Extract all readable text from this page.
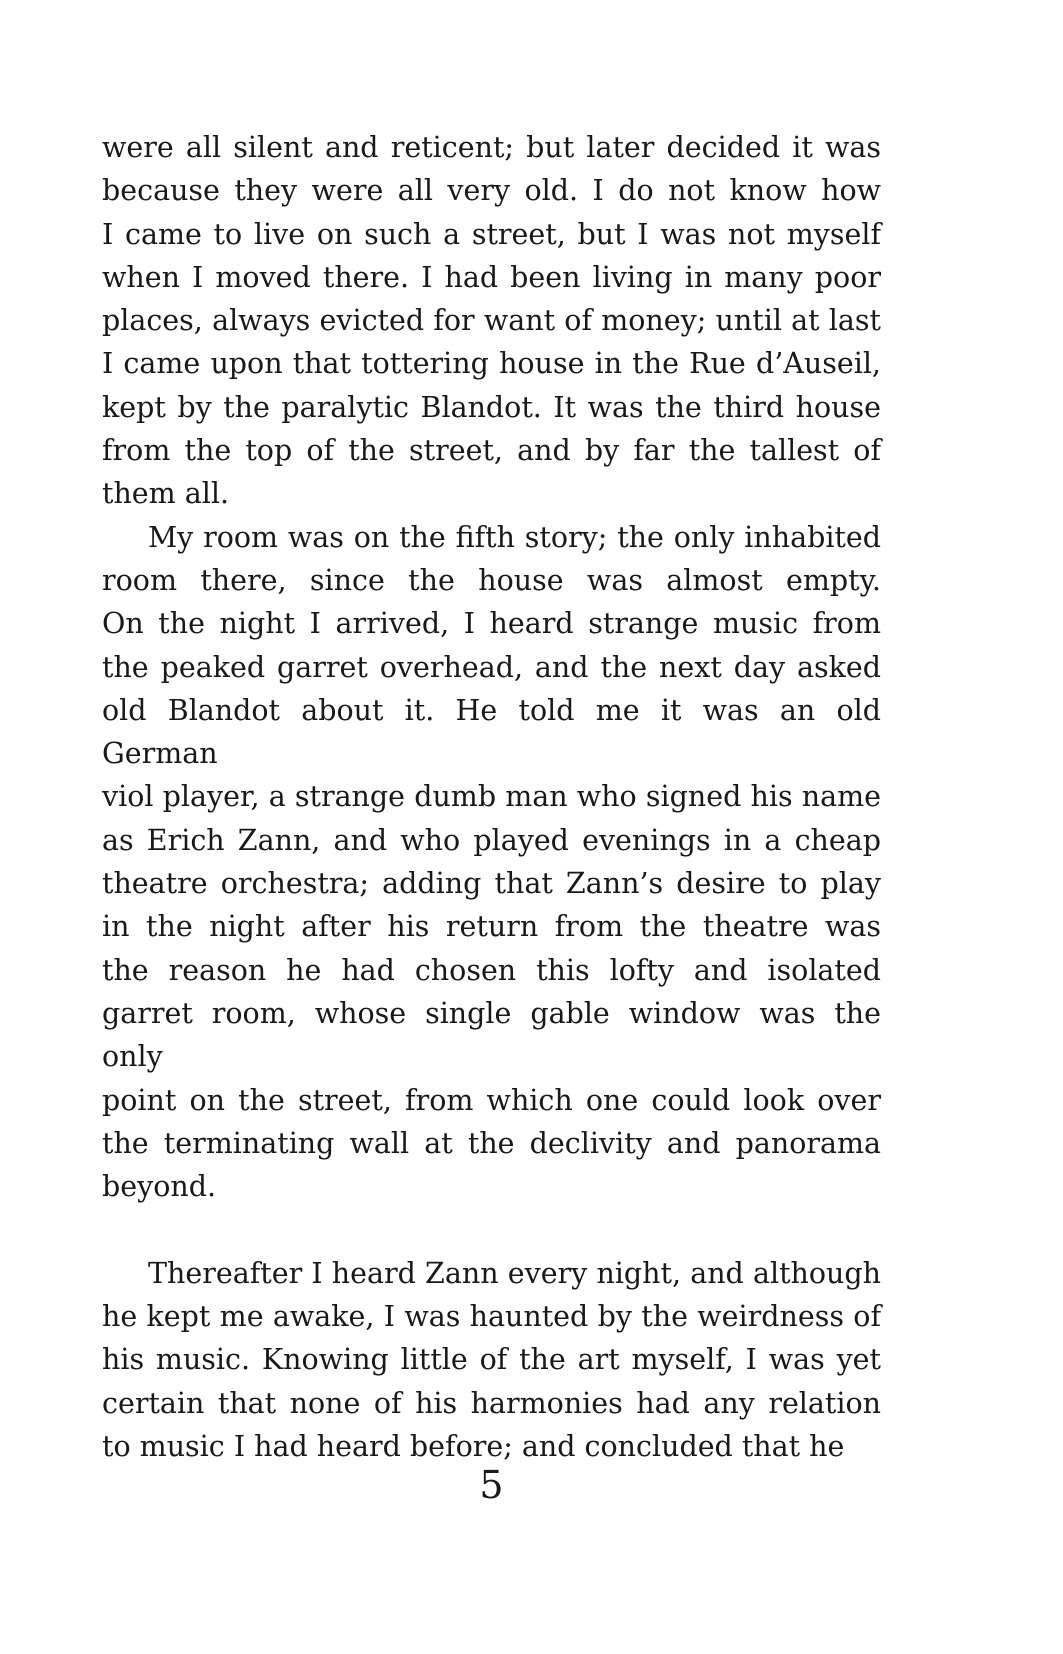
were all silent and reticent; but later decided it was
because they were all very old. I do not know how
I came to live on such a street, but I was not myself
when I moved there. I had been living in many poor
places, always evicted for want of money; until at last
I came upon that tottering house in the Rue d’Auseil,
kept by the paralytic Blandot. It was the third house
from the top of the street, and by far the tallest of
them all.
My room was on the fifth story; the only inhabited
room there, since the house was almost empty.
On the night I arrived, I heard strange music from
the peaked garret overhead, and the next day asked
old Blandot about it. He told me it was an old German
viol player, a strange dumb man who signed his name
as Erich Zann, and who played evenings in a cheap
theatre orchestra; adding that Zann’s desire to play
in the night after his return from the theatre was
the reason he had chosen this lofty and isolated
garret room, whose single gable window was the only
point on the street, from which one could look over
the terminating wall at the declivity and panorama
beyond.
Thereafter I heard Zann every night, and although
he kept me awake, I was haunted by the weirdness of
his music. Knowing little of the art myself, I was yet
certain that none of his harmonies had any relation
to music I had heard before; and concluded that he
5
